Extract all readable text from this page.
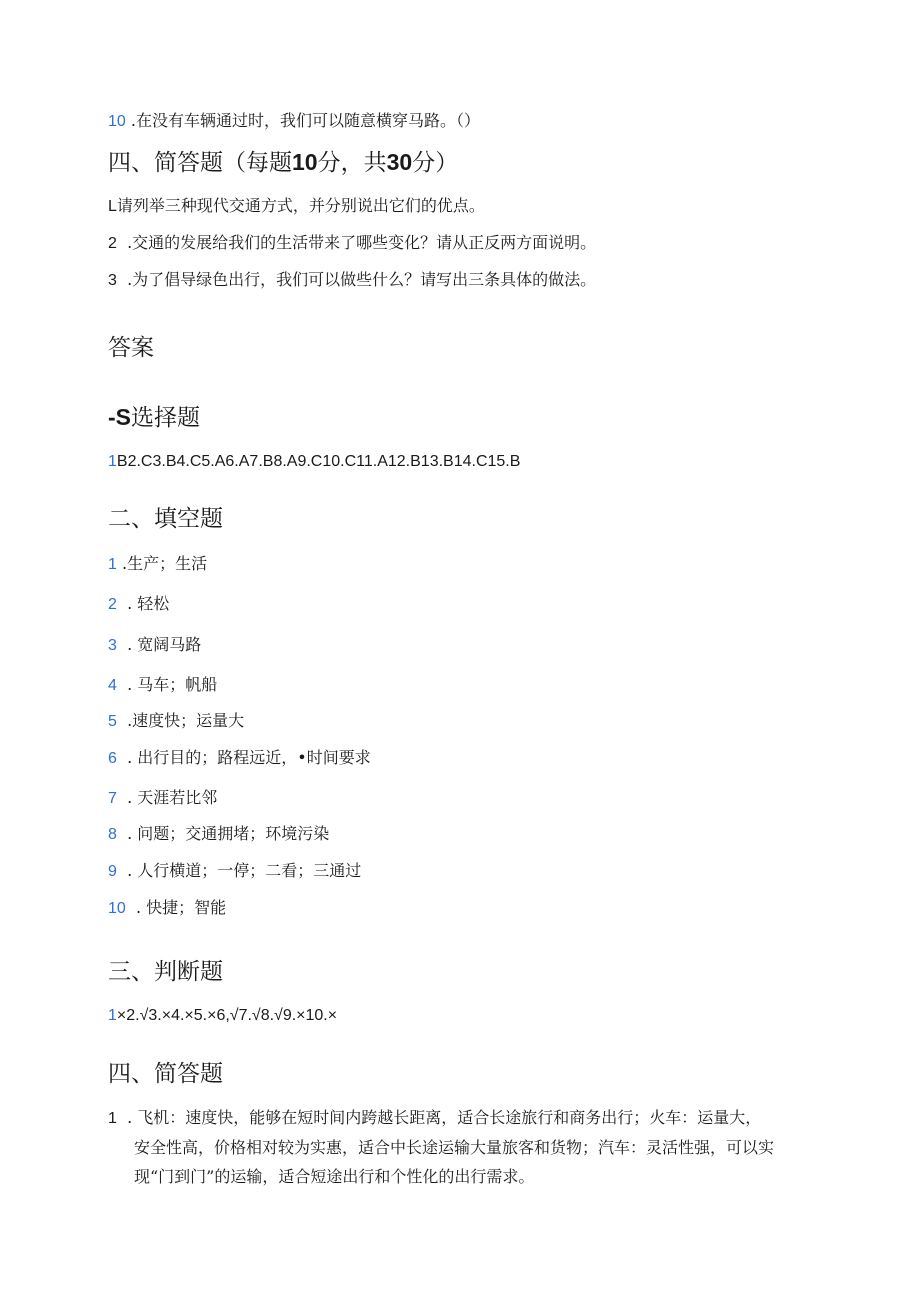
10 .在没有车辆通过时，我们可以随意横穿马路。（）
四、简答题（每题10分，共30分）
L请列举三种现代交通方式，并分别说出它们的优点。
2 .交通的发展给我们的生活带来了哪些变化？请从正反两方面说明。
3 .为了倡导绿色出行，我们可以做些什么？请写出三条具体的做法。
答案
-S选择题
1B2.C3.B4.C5.A6.A7.B8.A9.C10.C11.A12.B13.B14.C15.B
二、填空题
1 .生产；生活
2 . 轻松
3 . 宽阔马路
4 . 马车；帆船
5 .速度快；运量大
6 . 出行目的；路程远近，•时间要求
7 . 天涯若比邻
8 . 问题；交通拥堵；环境污染
9 . 人行横道；一停；二看；三通过
10 . 快捷；智能
三、判断题
1×2.√3.×4.×5.×6,√7.√8.√9.×10.×
四、简答题
1 . 飞机：速度快，能够在短时间内跨越长距离，适合长途旅行和商务出行；火车：运量大，
安全性高，价格相对较为实惠，适合中长途运输大量旅客和货物；汽车：灵活性强，可以实
现“门到门”的运输，适合短途出行和个性化的出行需求。
